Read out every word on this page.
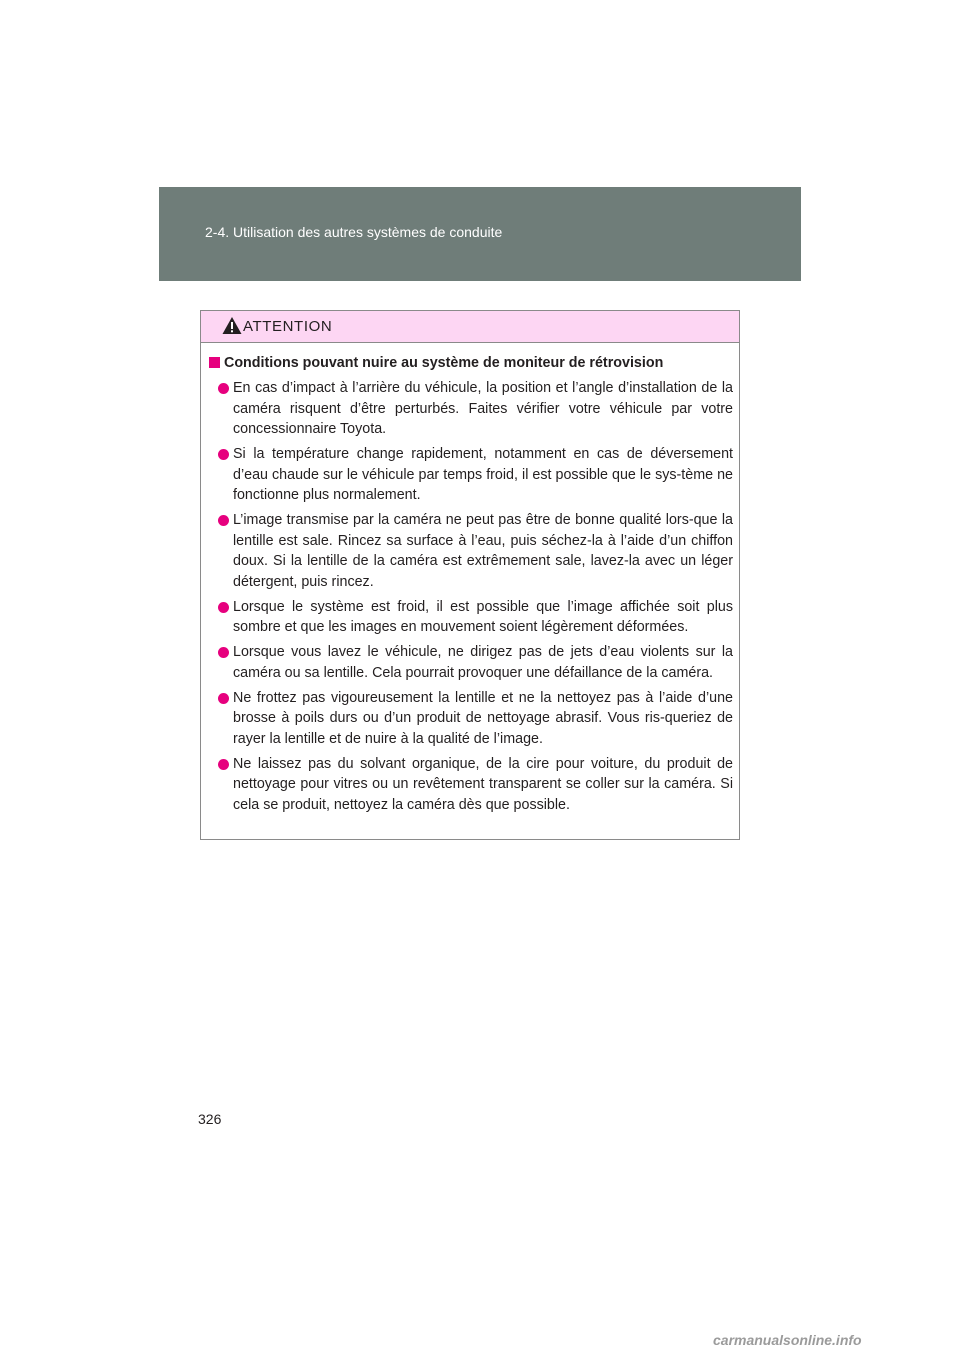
2-4. Utilisation des autres systèmes de conduite
ATTENTION
Conditions pouvant nuire au système de moniteur de rétrovision
En cas d’impact à l’arrière du véhicule, la position et l’angle d’installation de la caméra risquent d’être perturbés. Faites vérifier votre véhicule par votre concessionnaire Toyota.
Si la température change rapidement, notamment en cas de déversement d’eau chaude sur le véhicule par temps froid, il est possible que le sys-tème ne fonctionne plus normalement.
L’image transmise par la caméra ne peut pas être de bonne qualité lors-que la lentille est sale. Rincez sa surface à l’eau, puis séchez-la à l’aide d’un chiffon doux. Si la lentille de la caméra est extrêmement sale, lavez-la avec un léger détergent, puis rincez.
Lorsque le système est froid, il est possible que l’image affichée soit plus sombre et que les images en mouvement soient légèrement déformées.
Lorsque vous lavez le véhicule, ne dirigez pas de jets d’eau violents sur la caméra ou sa lentille. Cela pourrait provoquer une défaillance de la caméra.
Ne frottez pas vigoureusement la lentille et ne la nettoyez pas à l’aide d’une brosse à poils durs ou d’un produit de nettoyage abrasif. Vous ris-queriez de rayer la lentille et de nuire à la qualité de l’image.
Ne laissez pas du solvant organique, de la cire pour voiture, du produit de nettoyage pour vitres ou un revêtement transparent se coller sur la caméra. Si cela se produit, nettoyez la caméra dès que possible.
326
carmanualsonline.info
